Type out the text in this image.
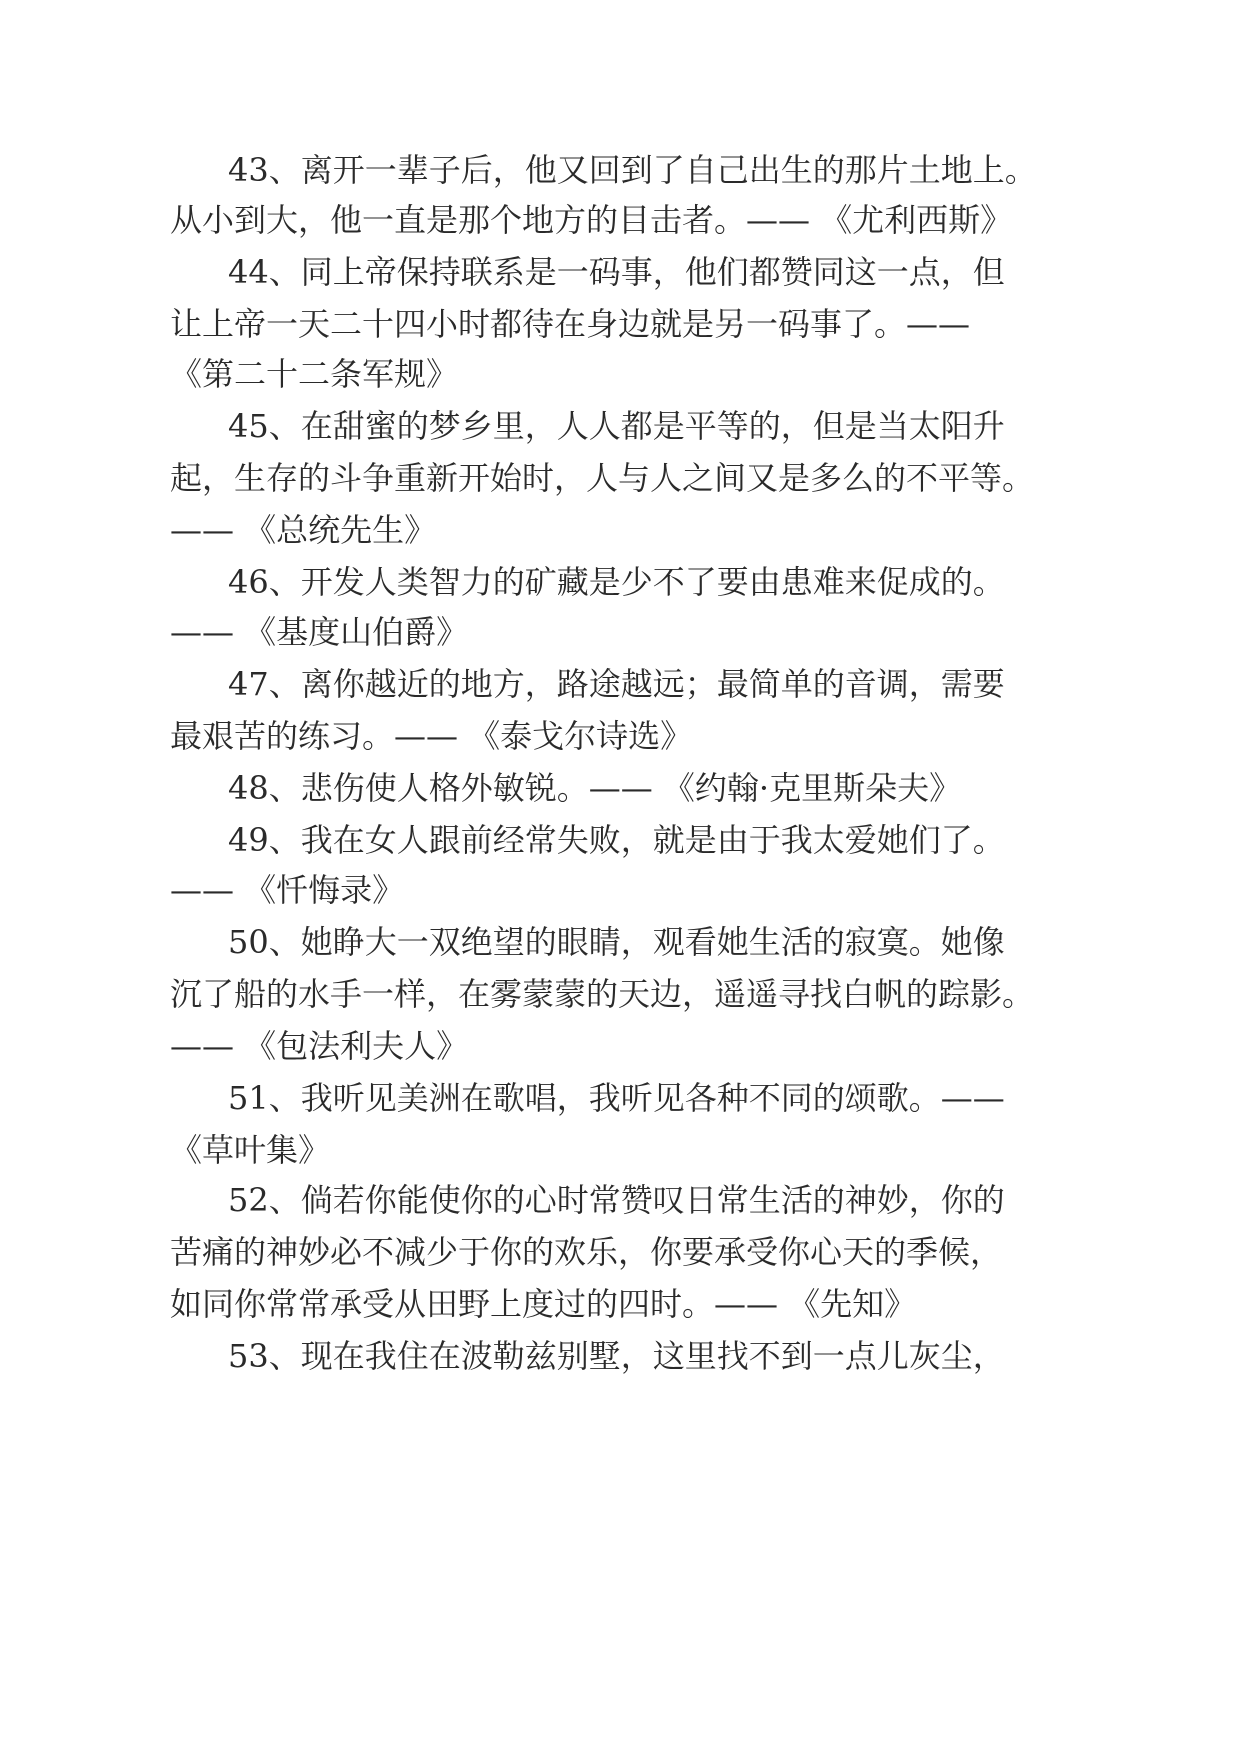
43、离开一辈子后，他又回到了自己出生的那片土地上。
从小到大，他一直是那个地方的目击者。—— 《尤利西斯》
44、同上帝保持联系是一码事，他们都赞同这一点，但
让上帝一天二十四小时都待在身边就是另一码事了。——
《第二十二条军规》
45、在甜蜜的梦乡里，人人都是平等的，但是当太阳升
起，生存的斗争重新开始时，人与人之间又是多么的不平等。
—— 《总统先生》
46、开发人类智力的矿藏是少不了要由患难来促成的。
—— 《基度山伯爵》
47、离你越近的地方，路途越远；最简单的音调，需要
最艰苦的练习。—— 《泰戈尔诗选》
48、悲伤使人格外敏锐。—— 《约翰·克里斯朵夫》
49、我在女人跟前经常失败，就是由于我太爱她们了。
—— 《忏悔录》
50、她睁大一双绝望的眼睛，观看她生活的寂寞。她像
沉了船的水手一样，在雾蒙蒙的天边，遥遥寻找白帆的踪影。
—— 《包法利夫人》
51、我听见美洲在歌唱，我听见各种不同的颂歌。——
《草叶集》
52、倘若你能使你的心时常赞叹日常生活的神妙，你的
苦痛的神妙必不减少于你的欢乐，你要承受你心天的季候，
如同你常常承受从田野上度过的四时。—— 《先知》
53、现在我住在波勒兹别墅，这里找不到一点儿灰尘，
